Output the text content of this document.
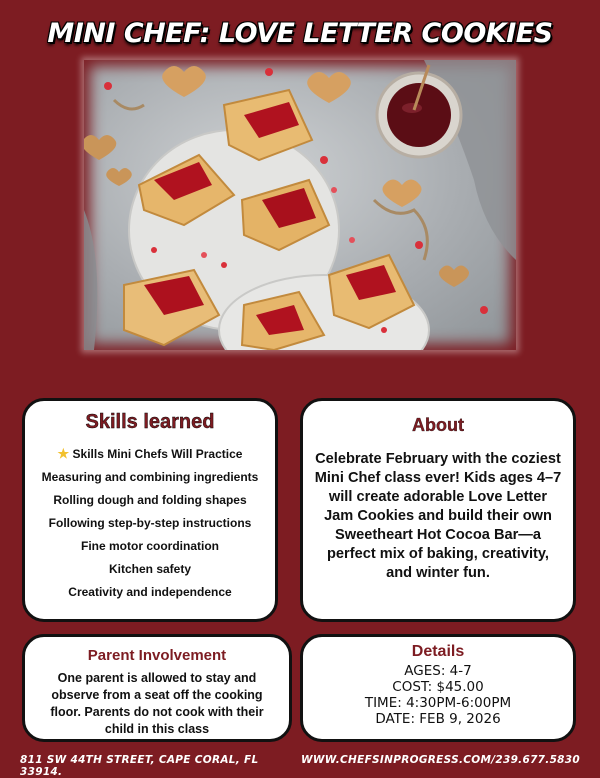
MINI CHEF: LOVE LETTER COOKIES
Skills learned
★ Skills Mini Chefs Will Practice
Measuring and combining ingredients
Rolling dough and folding shapes
Following step-by-step instructions
Fine motor coordination
Kitchen safety
Creativity and independence
About

Celebrate February with the coziest Mini Chef class ever! Kids ages 4–7 will create adorable Love Letter Jam Cookies and build their own Sweetheart Hot Cocoa Bar—a perfect mix of baking, creativity, and winter fun.

Parent Involvement

One parent is allowed to stay and observe from a seat off the cooking floor. Parents do not cook with their child in this class

Details
AGES: 4-7
COST: $45.00
TIME: 4:30PM-6:00PM
DATE: FEB 9, 2026
811 SW 44TH STREET, CAPE CORAL, FL 33914.
WWW.CHEFSINPROGRESS.COM/239.677.5830
